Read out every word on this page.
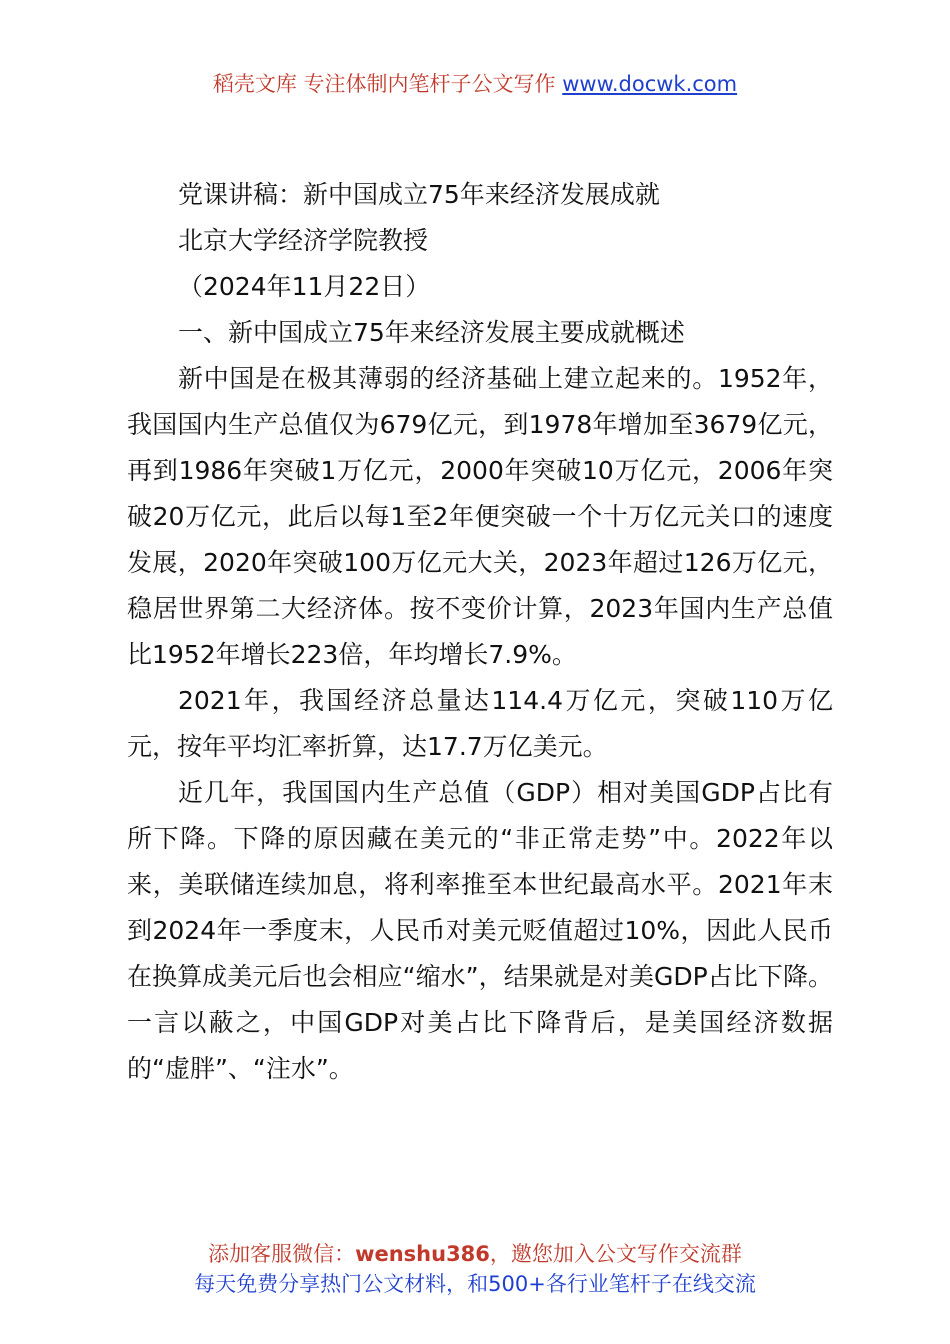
稻壳文库 专注体制内笔杆子公文写作 www.docwk.com

党课讲稿：新中国成立75年来经济发展成就

北京大学经济学院教授

（2024年11月22日）

一、新中国成立75年来经济发展主要成就概述

新中国是在极其薄弱的经济基础上建立起来的。1952年，我国国内生产总值仅为679亿元，到1978年增加至3679亿元，再到1986年突破1万亿元，2000年突破10万亿元，2006年突破20万亿元，此后以每1至2年便突破一个十万亿元关口的速度发展，2020年突破100万亿元大关，2023年超过126万亿元，稳居世界第二大经济体。按不变价计算，2023年国内生产总值比1952年增长223倍，年均增长7.9%。

2021年，我国经济总量达114.4万亿元，突破110万亿元，按年平均汇率折算，达17.7万亿美元。

近几年，我国国内生产总值（GDP）相对美国GDP占比有所下降。下降的原因藏在美元的“非正常走势”中。2022年以来，美联储连续加息，将利率推至本世纪最高水平。2021年末到2024年一季度末，人民币对美元贬值超过10%，因此人民币在换算成美元后也会相应“缩水”，结果就是对美GDP占比下降。一言以蔽之，中国GDP对美占比下降背后，是美国经济数据的“虚胖”、“注水”。

添加客服微信：wenshu386，邀您加入公文写作交流群
每天免费分享热门公文材料，和500+各行业笔杆子在线交流
